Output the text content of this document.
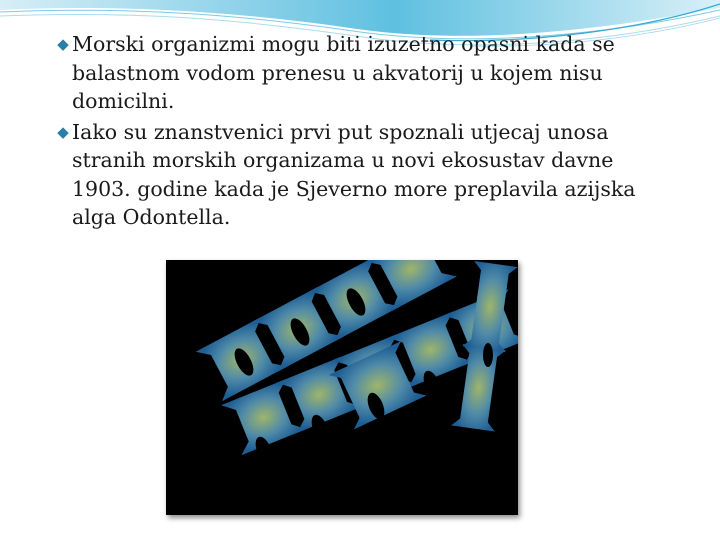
◆ Morski organizmi mogu biti izuzetno opasni kada se balastnom vodom prenesu u akvatorij u kojem nisu domicilni.
◆ Iako su znanstvenici prvi put spoznali utjecaj unosa stranih morskih organizama u novi ekosustav davne 1903. godine kada je Sjeverno more preplavila azijska alga Odontella.
